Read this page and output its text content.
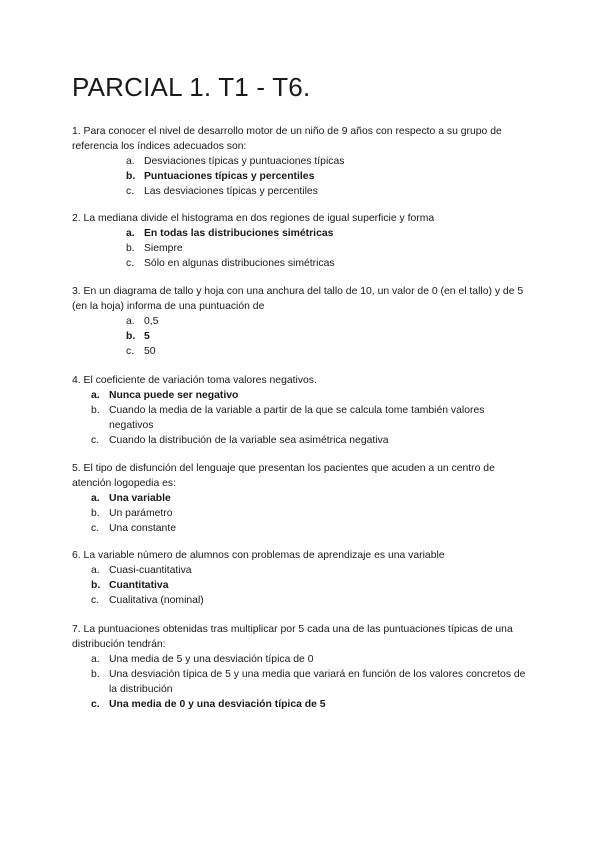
PARCIAL 1. T1 - T6.

1. Para conocer el nivel de desarrollo motor de un niño de 9 años con respecto a su grupo de referencia los índices adecuados son:

a. Desviaciones típicas y puntuaciones típicas
b. Puntuaciones típicas y percentiles
c. Las desviaciones típicas y percentiles

2. La mediana divide el histograma en dos regiones de igual superficie y forma

a. En todas las distribuciones simétricas
b. Siempre
c. Sólo en algunas distribuciones simétricas

3. En un diagrama de tallo y hoja con una anchura del tallo de 10, un valor de 0 (en el tallo) y de 5 (en la hoja) informa de una puntuación de

a. 0,5
b. 5
c. 50

4. El coeficiente de variación toma valores negativos.

a. Nunca puede ser negativo
b. Cuando la media de la variable a partir de la que se calcula tome también valores negativos
c. Cuando la distribución de la variable sea asimétrica negativa

5. El tipo de disfunción del lenguaje que presentan los pacientes que acuden a un centro de atención logopedia es:

a. Una variable
b. Un parámetro
c. Una constante

6. La variable número de alumnos con problemas de aprendizaje es una variable

a. Cuasi-cuantitativa
b. Cuantitativa
c. Cualitativa (nominal)

7. La puntuaciones obtenidas tras multiplicar por 5 cada una de las puntuaciones típicas de una distribución tendrán:

a. Una media de 5 y una desviación típica de 0
b. Una desviación típica de 5 y una media que variará en función de los valores concretos de la distribución
c. Una media de 0 y una desviación típica de 5
